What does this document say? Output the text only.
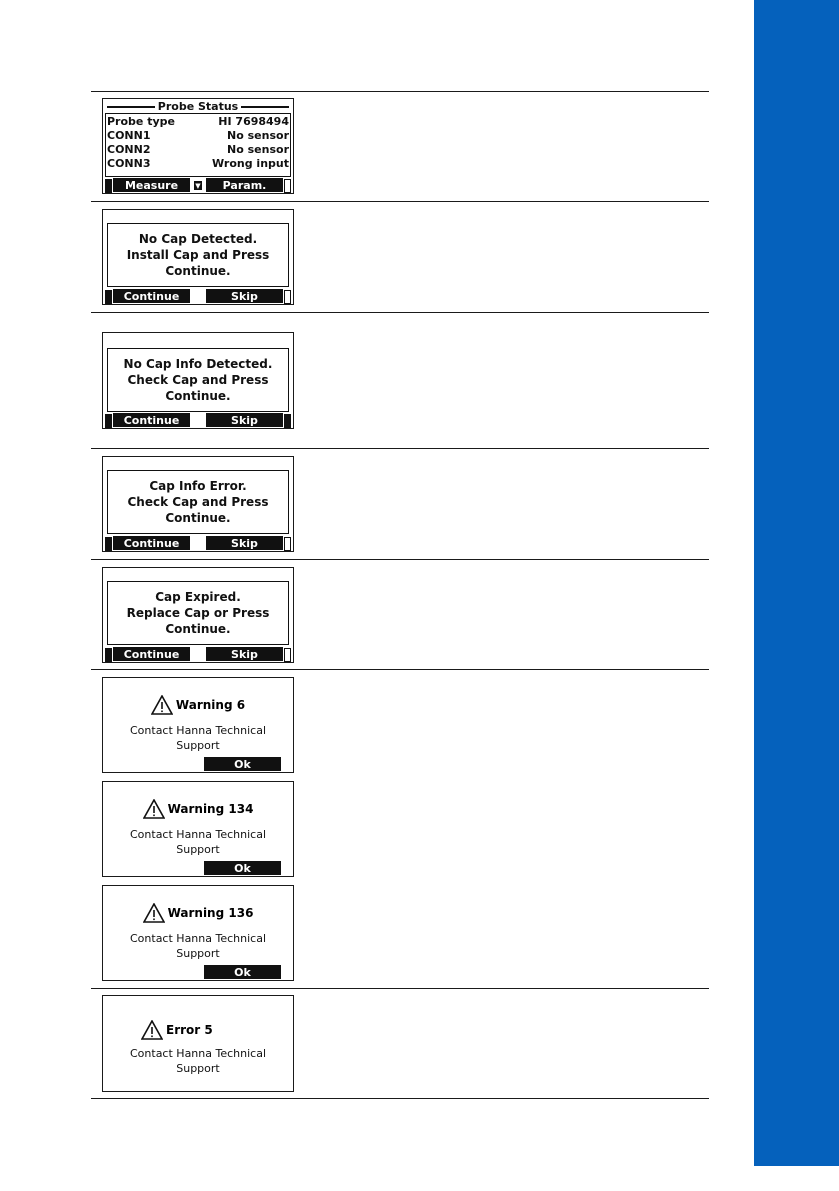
Probe Status
Probe type	HI 7698494
CONN1	No sensor
CONN2	No sensor
CONN3	Wrong input
Measure	▼	Param.
No Cap Detected.
Install Cap and Press
Continue.
Continue	Skip
No Cap Info Detected.
Check Cap and Press
Continue.
Continue	Skip
Cap Info Error.
Check Cap and Press
Continue.
Continue	Skip
Cap Expired.
Replace Cap or Press
Continue.
Continue	Skip
Warning 6
Contact Hanna Technical
Support
Ok
Warning 134
Contact Hanna Technical
Support
Ok
Warning 136
Contact Hanna Technical
Support
Ok
Error 5
Contact Hanna Technical
Support
